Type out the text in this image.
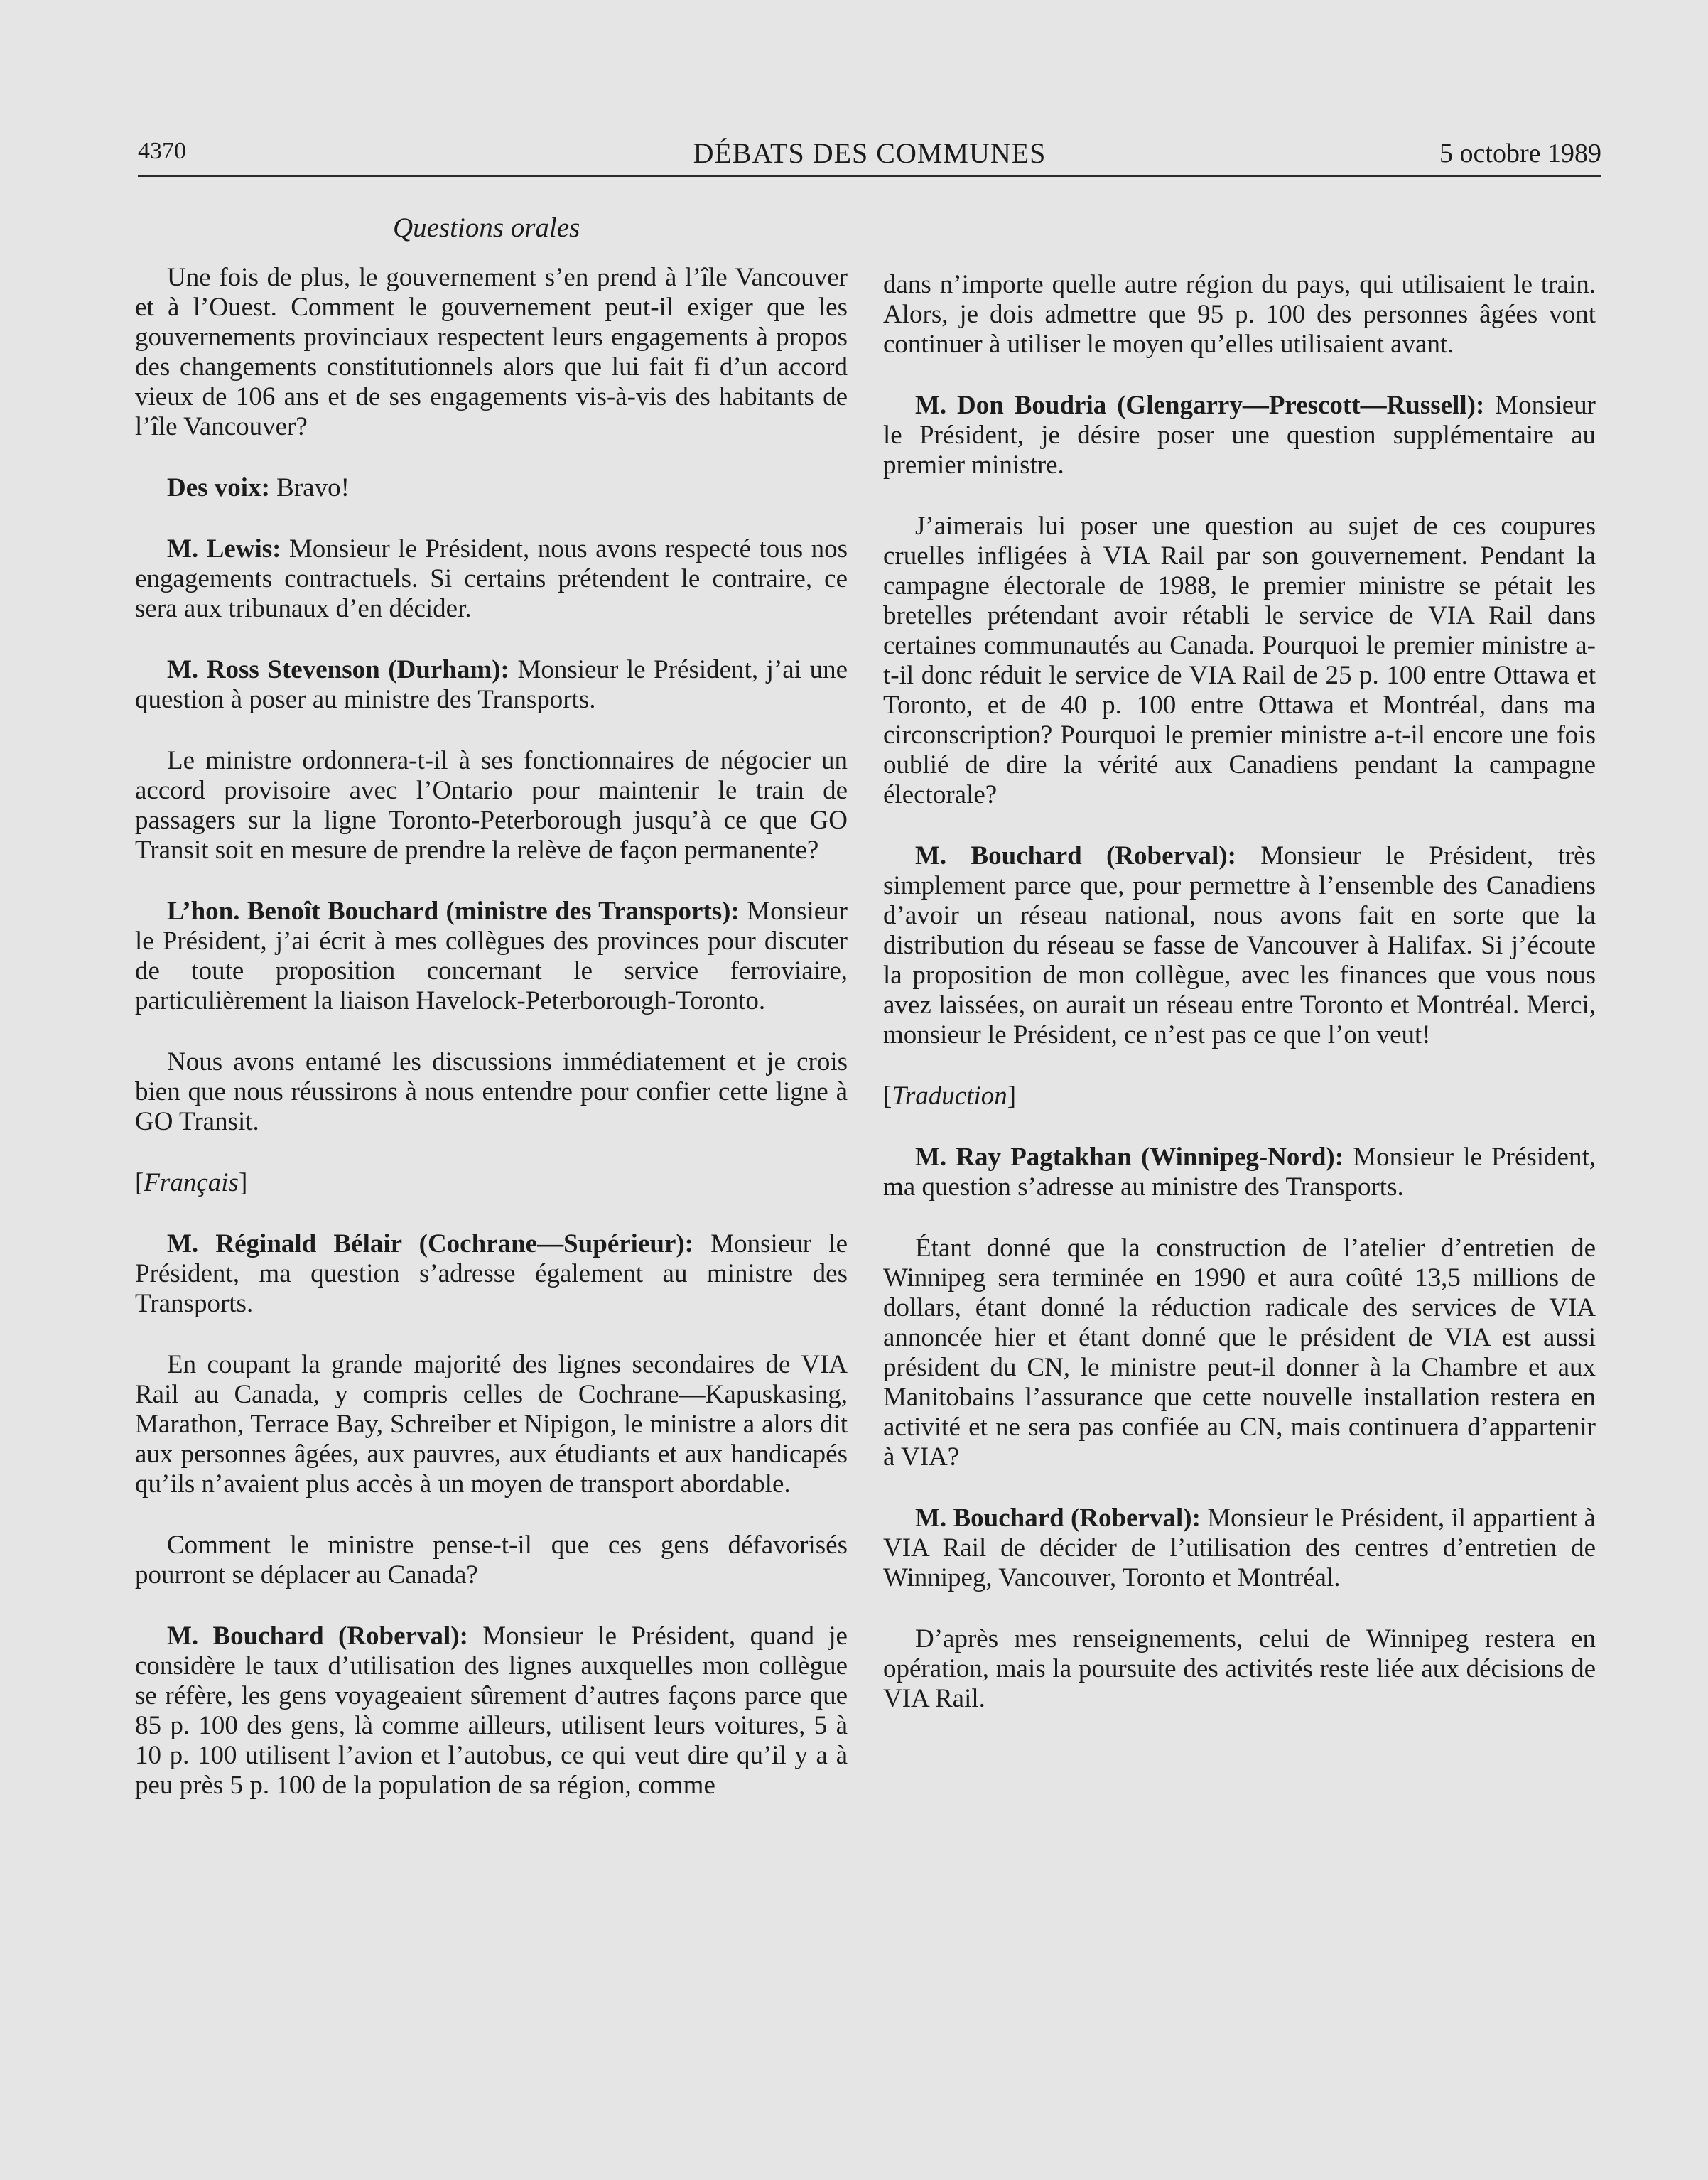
4370	DÉBATS DES COMMUNES	5 octobre 1989
Questions orales

Une fois de plus, le gouvernement s’en prend à l’île Vancouver et à l’Ouest. Comment le gouvernement peut-il exiger que les gouvernements provinciaux respectent leurs engagements à propos des changements constitutionnels alors que lui fait fi d’un accord vieux de 106 ans et de ses engagements vis-à-vis des habitants de l’île Vancouver?

Des voix: Bravo!

M. Lewis: Monsieur le Président, nous avons respecté tous nos engagements contractuels. Si certains prétendent le contraire, ce sera aux tribunaux d’en décider.

M. Ross Stevenson (Durham): Monsieur le Président, j’ai une question à poser au ministre des Transports.

Le ministre ordonnera-t-il à ses fonctionnaires de négocier un accord provisoire avec l’Ontario pour maintenir le train de passagers sur la ligne Toronto-Peterborough jusqu’à ce que GO Transit soit en mesure de prendre la relève de façon permanente?

L’hon. Benoît Bouchard (ministre des Transports): Monsieur le Président, j’ai écrit à mes collègues des provinces pour discuter de toute proposition concernant le service ferroviaire, particulièrement la liaison Havelock-Peterborough-Toronto.

Nous avons entamé les discussions immédiatement et je crois bien que nous réussirons à nous entendre pour confier cette ligne à GO Transit.

[Français]

M. Réginald Bélair (Cochrane—Supérieur): Monsieur le Président, ma question s’adresse également au ministre des Transports.

En coupant la grande majorité des lignes secondaires de VIA Rail au Canada, y compris celles de Cochrane—Kapuskasing, Marathon, Terrace Bay, Schreiber et Nipigon, le ministre a alors dit aux personnes âgées, aux pauvres, aux étudiants et aux handicapés qu’ils n’avaient plus accès à un moyen de transport abordable.

Comment le ministre pense-t-il que ces gens défavorisés pourront se déplacer au Canada?

M. Bouchard (Roberval): Monsieur le Président, quand je considère le taux d’utilisation des lignes auxquelles mon collègue se réfère, les gens voyageaient sûrement d’autres façons parce que 85 p. 100 des gens, là comme ailleurs, utilisent leurs voitures, 5 à 10 p. 100 utilisent l’avion et l’autobus, ce qui veut dire qu’il y a à peu près 5 p. 100 de la population de sa région, comme

dans n’importe quelle autre région du pays, qui utilisaient le train. Alors, je dois admettre que 95 p. 100 des personnes âgées vont continuer à utiliser le moyen qu’elles utilisaient avant.

M. Don Boudria (Glengarry—Prescott—Russell): Monsieur le Président, je désire poser une question supplémentaire au premier ministre.

J’aimerais lui poser une question au sujet de ces coupures cruelles infligées à VIA Rail par son gouvernement. Pendant la campagne électorale de 1988, le premier ministre se pétait les bretelles prétendant avoir rétabli le service de VIA Rail dans certaines communautés au Canada. Pourquoi le premier ministre a-t-il donc réduit le service de VIA Rail de 25 p. 100 entre Ottawa et Toronto, et de 40 p. 100 entre Ottawa et Montréal, dans ma circonscription? Pourquoi le premier ministre a-t-il encore une fois oublié de dire la vérité aux Canadiens pendant la campagne électorale?

M. Bouchard (Roberval): Monsieur le Président, très simplement parce que, pour permettre à l’ensemble des Canadiens d’avoir un réseau national, nous avons fait en sorte que la distribution du réseau se fasse de Vancouver à Halifax. Si j’écoute la proposition de mon collègue, avec les finances que vous nous avez laissées, on aurait un réseau entre Toronto et Montréal. Merci, monsieur le Président, ce n’est pas ce que l’on veut!

[Traduction]

M. Ray Pagtakhan (Winnipeg-Nord): Monsieur le Président, ma question s’adresse au ministre des Transports.

Étant donné que la construction de l’atelier d’entretien de Winnipeg sera terminée en 1990 et aura coûté 13,5 millions de dollars, étant donné la réduction radicale des services de VIA annoncée hier et étant donné que le président de VIA est aussi président du CN, le ministre peut-il donner à la Chambre et aux Manitobains l’assurance que cette nouvelle installation restera en activité et ne sera pas confiée au CN, mais continuera d’appartenir à VIA?

M. Bouchard (Roberval): Monsieur le Président, il appartient à VIA Rail de décider de l’utilisation des centres d’entretien de Winnipeg, Vancouver, Toronto et Montréal.

D’après mes renseignements, celui de Winnipeg restera en opération, mais la poursuite des activités reste liée aux décisions de VIA Rail.
